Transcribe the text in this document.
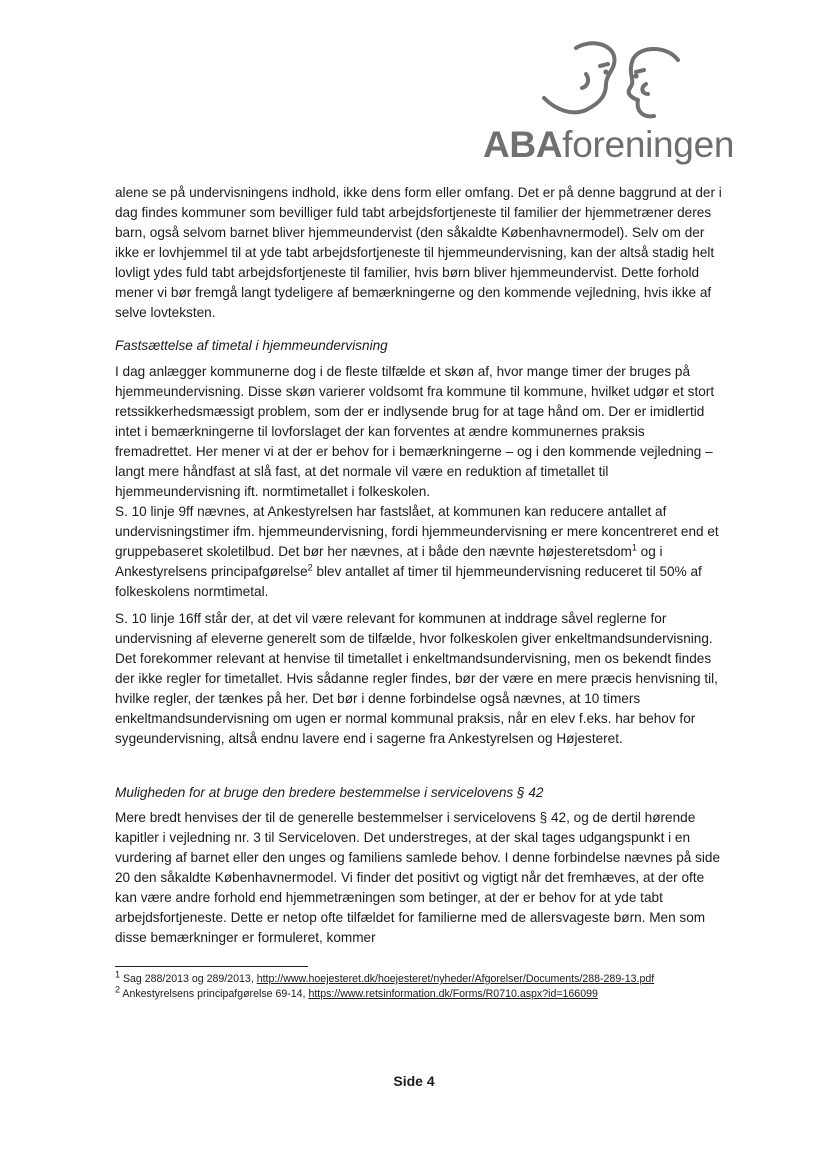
ABAforeningen

alene se på undervisningens indhold, ikke dens form eller omfang. Det er på denne baggrund at der i dag findes kommuner som bevilliger fuld tabt arbejdsfortjeneste til familier der hjemmetræner deres barn, også selvom barnet bliver hjemmeundervist (den såkaldte Københavnermodel). Selv om der ikke er lovhjemmel til at yde tabt arbejdsfortjeneste til hjemmeundervisning, kan der altså stadig helt lovligt ydes fuld tabt arbejdsfortjeneste til familier, hvis børn bliver hjemmeundervist. Dette forhold mener vi bør fremgå langt tydeligere af bemærkningerne og den kommende vejledning, hvis ikke af selve lovteksten.

Fastsættelse af timetal i hjemmeundervisning

I dag anlægger kommunerne dog i de fleste tilfælde et skøn af, hvor mange timer der bruges på hjemmeundervisning. Disse skøn varierer voldsomt fra kommune til kommune, hvilket udgør et stort retssikkerhedsmæssigt problem, som der er indlysende brug for at tage hånd om. Der er imidlertid intet i bemærkningerne til lovforslaget der kan forventes at ændre kommunernes praksis fremadrettet. Her mener vi at der er behov for i bemærkningerne – og i den kommende vejledning – langt mere håndfast at slå fast, at det normale vil være en reduktion af timetallet til hjemmeundervisning ift. normtimetallet i folkeskolen.

S. 10 linje 9ff nævnes, at Ankestyrelsen har fastslået, at kommunen kan reducere antallet af undervisningstimer ifm. hjemmeundervisning, fordi hjemmeundervisning er mere koncentreret end et gruppebaseret skoletilbud. Det bør her nævnes, at i både den nævnte højesteretsdom$^1$ og i Ankestyrelsens principafgørelse$^2$ blev antallet af timer til hjemmeundervisning reduceret til 50% af folkeskolens normtimetal.

S. 10 linje 16ff står der, at det vil være relevant for kommunen at inddrage såvel reglerne for undervisning af eleverne generelt som de tilfælde, hvor folkeskolen giver enkeltmandsundervisning. Det forekommer relevant at henvise til timetallet i enkeltmandsundervisning, men os bekendt findes der ikke regler for timetallet. Hvis sådanne regler findes, bør der være en mere præcis henvisning til, hvilke regler, der tænkes på her. Det bør i denne forbindelse også nævnes, at 10 timers enkeltmandsundervisning om ugen er normal kommunal praksis, når en elev f.eks. har behov for sygeundervisning, altså endnu lavere end i sagerne fra Ankestyrelsen og Højesteret.

Muligheden for at bruge den bredere bestemmelse i servicelovens § 42

Mere bredt henvises der til de generelle bestemmelser i servicelovens § 42, og de dertil hørende kapitler i vejledning nr. 3 til Serviceloven. Det understreges, at der skal tages udgangspunkt i en vurdering af barnet eller den unges og familiens samlede behov. I denne forbindelse nævnes på side 20 den såkaldte Københavnermodel. Vi finder det positivt og vigtigt når det fremhæves, at der ofte kan være andre forhold end hjemmetræningen som betinger, at der er behov for at yde tabt arbejdsfortjeneste. Dette er netop ofte tilfældet for familierne med de allersvageste børn. Men som disse bemærkninger er formuleret, kommer

$^1$ Sag 288/2013 og 289/2013, http://www.hoejesteret.dk/hoejesteret/nyheder/Afgorelser/Documents/288-289-13.pdf

$^2$ Ankestyrelsens principafgørelse 69-14, https://www.retsinformation.dk/Forms/R0710.aspx?id=166099

Side 4
